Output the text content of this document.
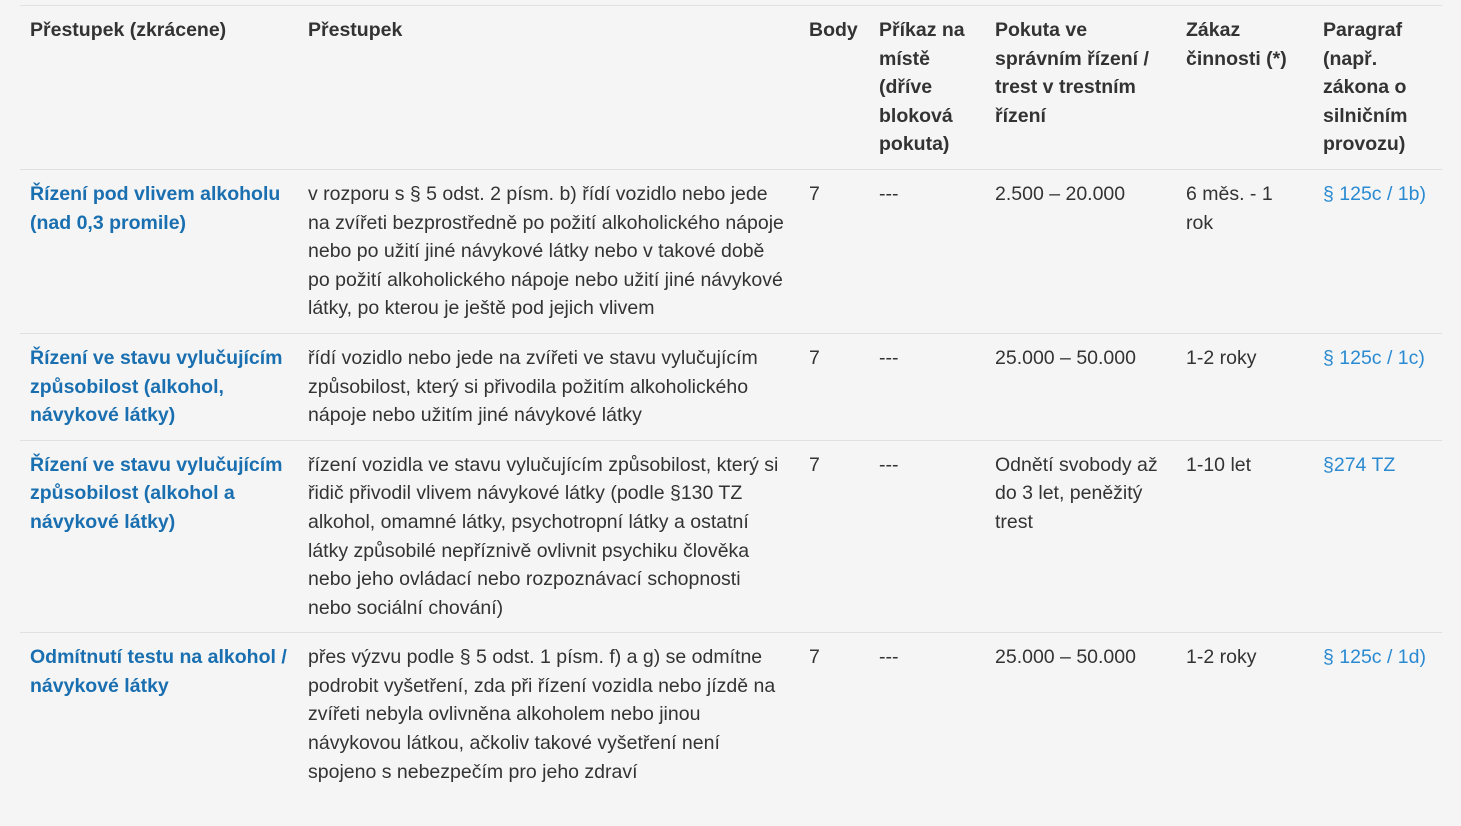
Přestupek (zkrácene)	Přestupek	Body	Příkaz na místě (dříve bloková pokuta)	Pokuta ve správním řízení / trest v trestním řízení	Zákaz činnosti (*)	Paragraf (např. zákona o silničním provozu)
Řízení pod vlivem alkoholu (nad 0,3 promile)	v rozporu s § 5 odst. 2 písm. b) řídí vozidlo nebo jede na zvířeti bezprostředně po požití alkoholického nápoje nebo po užití jiné návykové látky nebo v takové době po požití alkoholického nápoje nebo užití jiné návykové látky, po kterou je ještě pod jejich vlivem	7	---	2.500 – 20.000	6 měs. - 1 rok	§ 125c / 1b)
Řízení ve stavu vylučujícím způsobilost (alkohol, návykové látky)	řídí vozidlo nebo jede na zvířeti ve stavu vylučujícím způsobilost, který si přivodila požitím alkoholického nápoje nebo užitím jiné návykové látky	7	---	25.000 – 50.000	1-2 roky	§ 125c / 1c)
Řízení ve stavu vylučujícím způsobilost (alkohol a návykové látky)	řízení vozidla ve stavu vylučujícím způsobilost, který si řidič přivodil vlivem návykové látky (podle §130 TZ alkohol, omamné látky, psychotropní látky a ostatní látky způsobilé nepříznivě ovlivnit psychiku člověka nebo jeho ovládací nebo rozpoznávací schopnosti nebo sociální chování)	7	---	Odnětí svobody až do 3 let, peněžitý trest	1-10 let	§274 TZ
Odmítnutí testu na alkohol / návykové látky	přes výzvu podle § 5 odst. 1 písm. f) a g) se odmítne podrobit vyšetření, zda při řízení vozidla nebo jízdě na zvířeti nebyla ovlivněna alkoholem nebo jinou návykovou látkou, ačkoliv takové vyšetření není spojeno s nebezpečím pro jeho zdraví	7	---	25.000 – 50.000	1-2 roky	§ 125c / 1d)
